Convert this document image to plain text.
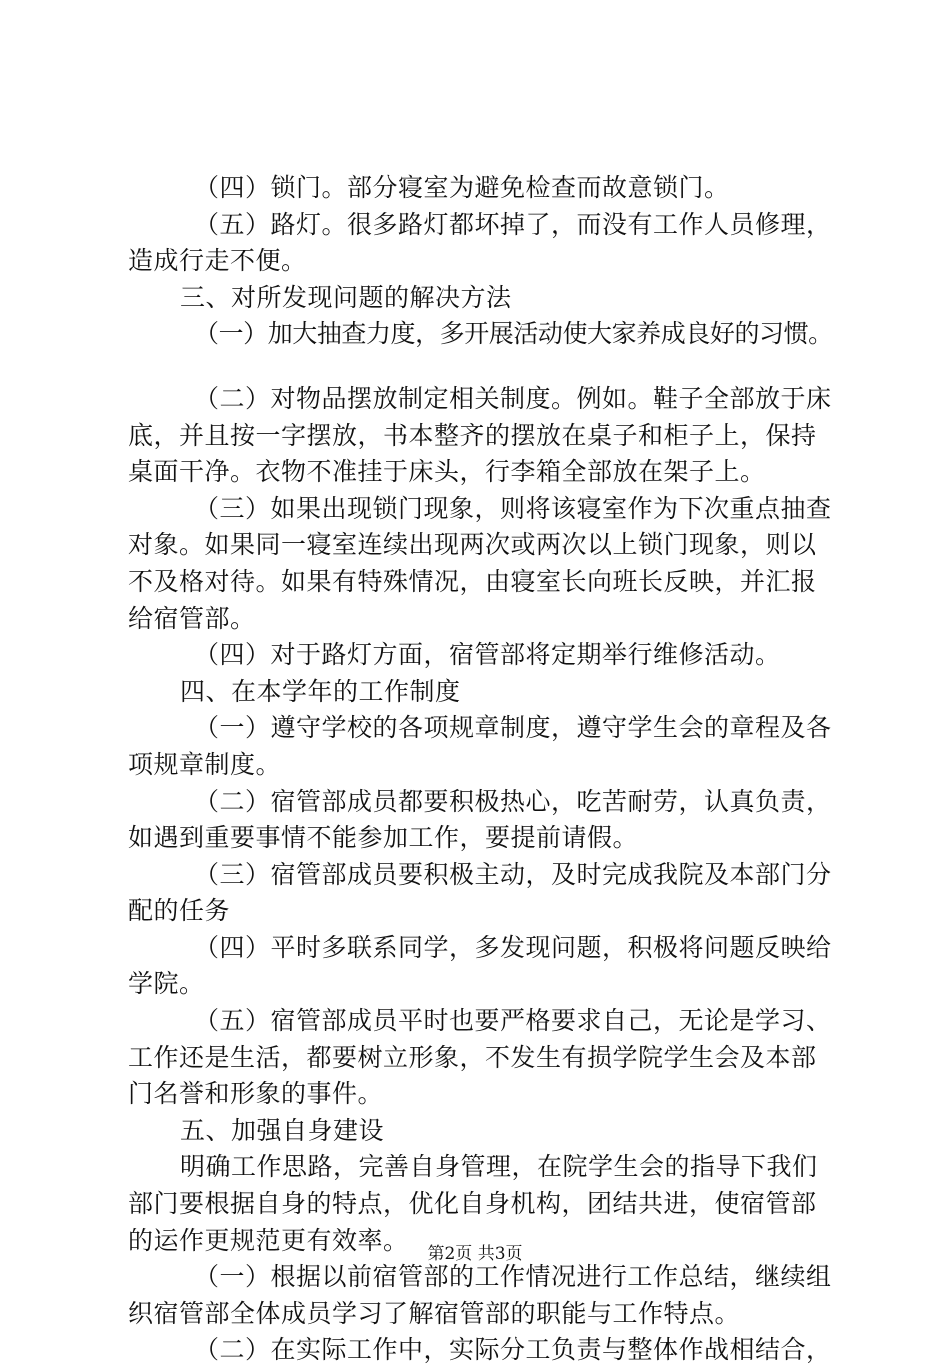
（四）锁门。部分寝室为避免检查而故意锁门。
（五）路灯。很多路灯都坏掉了，而没有工作人员修理，
造成行走不便。
三、对所发现问题的解决方法
（一）加大抽查力度，多开展活动使大家养成良好的习惯。
（二）对物品摆放制定相关制度。例如。鞋子全部放于床
底，并且按一字摆放，书本整齐的摆放在桌子和柜子上，保持
桌面干净。衣物不准挂于床头，行李箱全部放在架子上。
（三）如果出现锁门现象，则将该寝室作为下次重点抽查
对象。如果同一寝室连续出现两次或两次以上锁门现象，则以
不及格对待。如果有特殊情况，由寝室长向班长反映，并汇报
给宿管部。
（四）对于路灯方面，宿管部将定期举行维修活动。
四、在本学年的工作制度
（一）遵守学校的各项规章制度，遵守学生会的章程及各
项规章制度。
（二）宿管部成员都要积极热心，吃苦耐劳，认真负责，
如遇到重要事情不能参加工作，要提前请假。
（三）宿管部成员要积极主动，及时完成我院及本部门分
配的任务
（四）平时多联系同学，多发现问题，积极将问题反映给
学院。
（五）宿管部成员平时也要严格要求自己，无论是学习、
工作还是生活，都要树立形象，不发生有损学院学生会及本部
门名誉和形象的事件。
五、加强自身建设
明确工作思路，完善自身管理，在院学生会的指导下我们
部门要根据自身的特点，优化自身机构，团结共进，使宿管部
的运作更规范更有效率。
（一）根据以前宿管部的工作情况进行工作总结，继续组
织宿管部全体成员学习了解宿管部的职能与工作特点。
（二）在实际工作中，实际分工负责与整体作战相结合，
第2页 共3页
